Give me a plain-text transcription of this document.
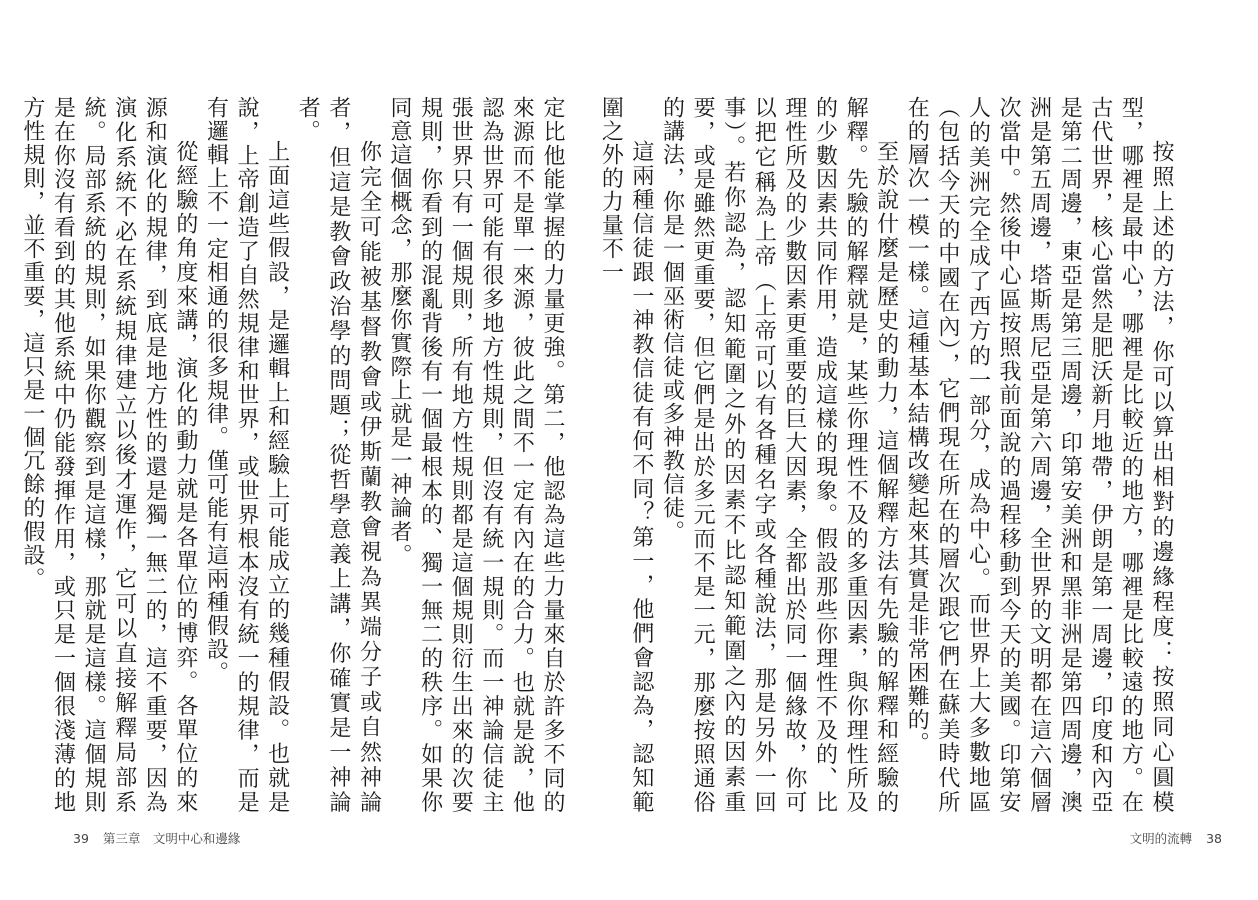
按照上述的方法，你可以算出相對的邊緣程度：按照同心圓模型，哪裡是最中心，哪裡是比較近的地方，哪裡是比較遠的地方。在古代世界，核心當然是肥沃新月地帶，伊朗是第一周邊，印度和內亞是第二周邊，東亞是第三周邊，印第安美洲和黑非洲是第四周邊，澳洲是第五周邊，塔斯馬尼亞是第六周邊，全世界的文明都在這六個層次當中。然後中心區按照我前面說的過程移動到今天的美國。印第安人的美洲完全成了西方的一部分，成為中心。而世界上大多數地區（包括今天的中國在內），它們現在所在的層次跟它們在蘇美時代所在的層次一模一樣。這種基本結構改變起來其實是非常困難的。

至於說什麼是歷史的動力，這個解釋方法有先驗的解釋和經驗的解釋。先驗的解釋就是，某些你理性不及的多重因素，與你理性所及的少數因素共同作用，造成這樣的現象。假設那些你理性不及的、比理性所及的少數因素更重要的巨大因素，全都出於同一個緣故，你可以把它稱為上帝（上帝可以有各種名字或各種說法，那是另外一回事）。若你認為，認知範圍之外的因素不比認知範圍之內的因素重要，或是雖然更重要，但它們是出於多元而不是一元，那麼按照通俗的講法，你是一個巫術信徒或多神教信徒。

這兩種信徒跟一神教信徒有何不同？第一，他們會認為，認知範圍之外的力量不一

文明的流轉 38

定比他能掌握的力量更強。第二，他認為這些力量來自於許多不同的來源而不是單一來源，彼此之間不一定有內在的合力。也就是說，他認為世界可能有很多地方性規則，但沒有統一規則。而一神論信徒主張世界只有一個規則，所有地方性規則都是這個規則衍生出來的次要規則，你看到的混亂背後有一個最根本的、獨一無二的秩序。如果你同意這個概念，那麼你實際上就是一神論者。

你完全可能被基督教會或伊斯蘭教會視為異端分子或自然神論者，但這是教會政治學的問題；從哲學意義上講，你確實是一神論者。

上面這些假設，是邏輯上和經驗上可能成立的幾種假設。也就是說，上帝創造了自然規律和世界，或世界根本沒有統一的規律，而是有邏輯上不一定相通的很多規律。僅可能有這兩種假設。

從經驗的角度來講，演化的動力就是各單位的博弈。各單位的來源和演化的規律，到底是地方性的還是獨一無二的，這不重要，因為演化系統不必在系統規律建立以後才運作，它可以直接解釋局部系統。局部系統的規則，如果你觀察到是這樣，那就是這樣。這個規則是在你沒有看到的其他系統中仍能發揮作用，或只是一個很淺薄的地方性規則，並不重要，這只是一個冗餘的假設。

39 第三章　文明中心和邊緣
